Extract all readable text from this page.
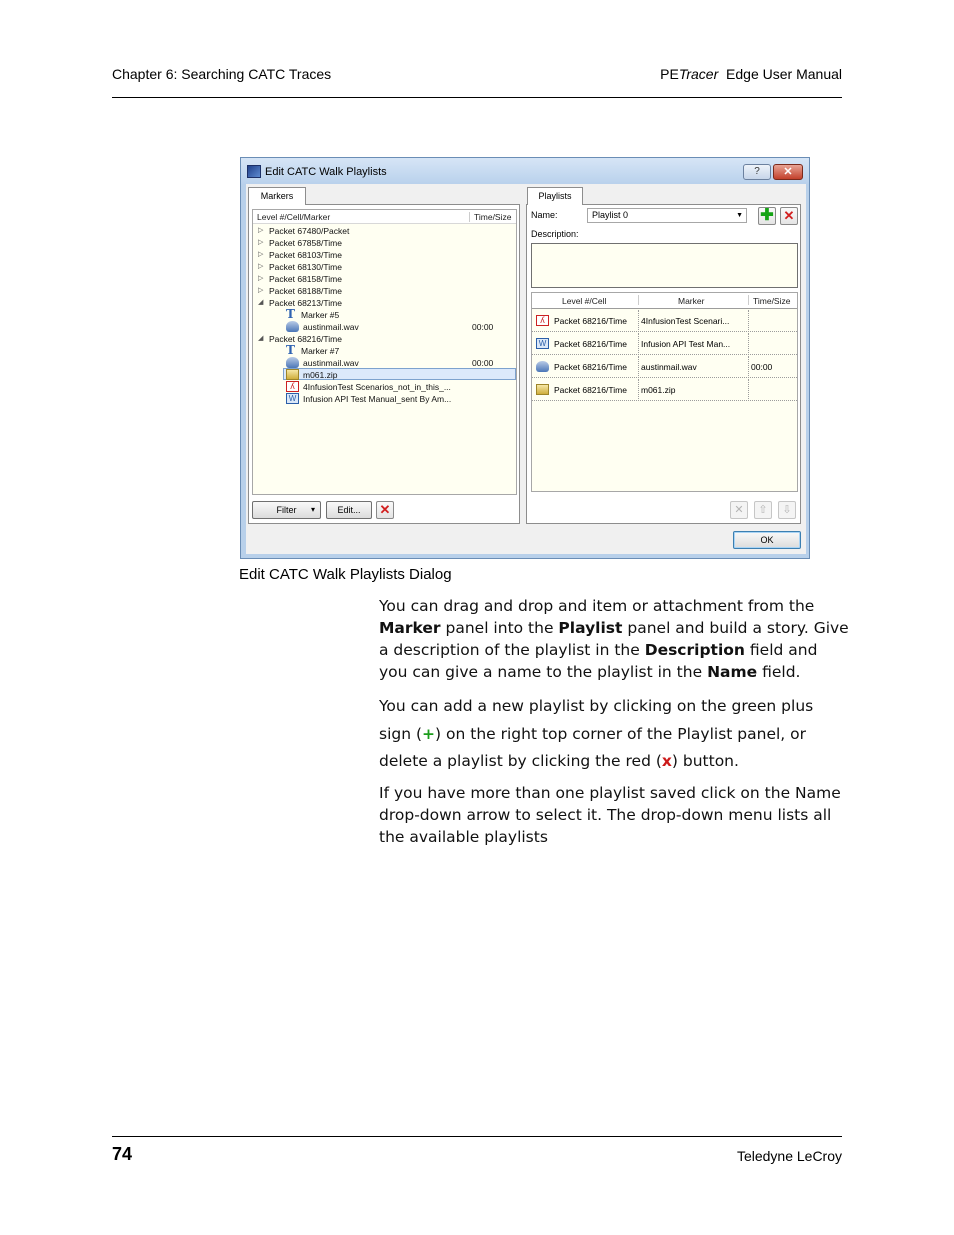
Chapter 6: Searching CATC Traces	PETracer Edge User Manual
Edit CATC Walk Playlists	?	✕
Markers
Level #/Cell/Marker	Time/Size
▷ Packet 67480/Packet
▷ Packet 67858/Time
▷ Packet 68103/Time
▷ Packet 68130/Time
▷ Packet 68158/Time
▷ Packet 68188/Time
◢ Packet 68213/Time
T Marker #5
austinmail.wav	00:00
◢ Packet 68216/Time
T Marker #7
austinmail.wav	00:00
m061.zip
ʎ 4InfusionTest Scenarios_not_in_this_...
W Infusion API Test Manual_sent By Am...
Filter ▾	Edit...	✕
Playlists
Name:	Playlist 0	▼ ✚ ✕
Description:
Level #/Cell	Marker	Time/Size
ʎ	Packet 68216/Time	4InfusionTest Scenari...
W Packet 68216/Time	Infusion API Test Man...
Packet 68216/Time	austinmail.wav	00:00
Packet 68216/Time	m061.zip
✕	⇧	⇩
OK
Edit CATC Walk Playlists Dialog
You can drag and drop and item or attachment from the Marker panel into the Playlist panel and build a story. Give a description of the playlist in the Description field and you can give a name to the playlist in the Name field.
You can add a new playlist by clicking on the green plus sign (+) on the right top corner of the Playlist panel, or delete a playlist by clicking the red (x) button.
If you have more than one playlist saved click on the Name drop-down arrow to select it. The drop-down menu lists all the available playlists
74	Teledyne LeCroy
